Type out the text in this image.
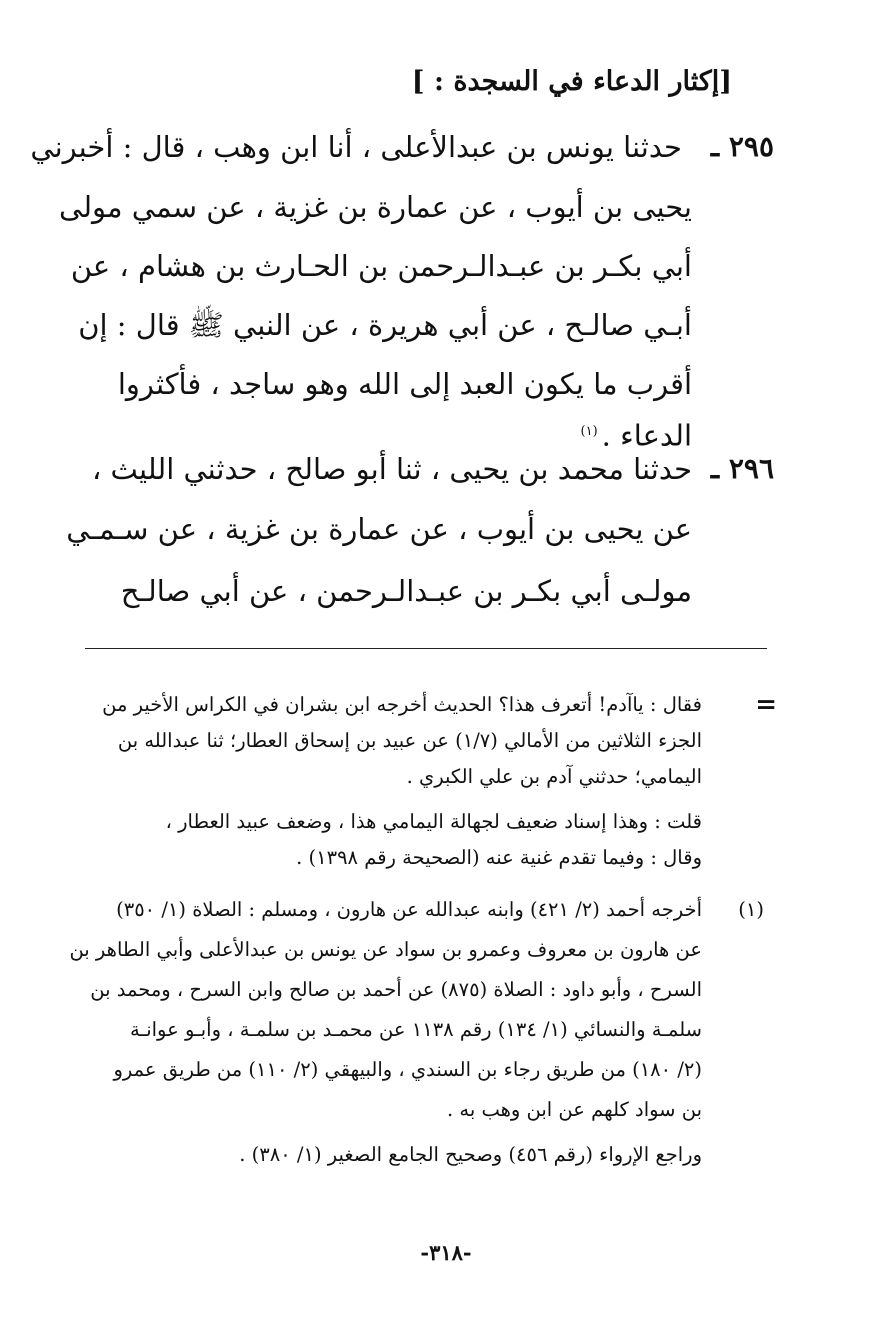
[إكثار الدعاء في السجدة : ]
٢٩٥ ـ
حدثنا يونس بن عبدالأعلى ، أنا ابن وهب ، قال : أخبرني
يحيى بن أيوب ، عن عمارة بن غزية ، عن سمي مولى
أبي بكـر بن عبـدالـرحمن بن الحـارث بن هشام ، عن
أبـي صالـح ، عن أبي هريرة ، عن النبي ﷺ قال : إن
أقرب ما يكون العبد إلى الله وهو ساجد ، فأكثروا
الدعاء .$^{(١)}$
٢٩٦ ـ
حدثنا محمد بن يحيى ، ثنا أبو صالح ، حدثني الليث ،
عن يحيى بن أيوب ، عن عمارة بن غزية ، عن سـمـي
مولـى أبي بكـر بن عبـدالـرحمن ، عن أبي صالـح
=
فقال : ياآدم! أتعرف هذا؟ الحديث أخرجه ابن بشران في الكراس الأخير من
الجزء الثلاثين من الأمالي (١/٧) عن عبيد بن إسحاق العطار؛ ثنا عبدالله بن
اليمامي؛ حدثني آدم بن علي الكبري .
قلت : وهذا إسناد ضعيف لجهالة اليمامي هذا ، وضعف عبيد العطار ،
وقال : وفيما تقدم غنية عنه (الصحيحة رقم ١٣٩٨) .
(١)
أخرجه أحمد (٢/ ٤٢١) وابنه عبدالله عن هارون ، ومسلم : الصلاة (١/ ٣٥٠)
عن هارون بن معروف وعمرو بن سواد عن يونس بن عبدالأعلى وأبي الطاهر بن
السرح ، وأبو داود : الصلاة (٨٧٥) عن أحمد بن صالح وابن السرح ، ومحمد بن
سلمـة والنسائي (١/ ١٣٤) رقم ١١٣٨ عن محمـد بن سلمـة ، وأبـو عوانـة
(٢/ ١٨٠) من طريق رجاء بن السندي ، والبيهقي (٢/ ١١٠) من طريق عمرو
بن سواد كلهم عن ابن وهب به .
وراجع الإرواء (رقم ٤٥٦) وصحيح الجامع الصغير (١/ ٣٨٠) .
-٣١٨-
